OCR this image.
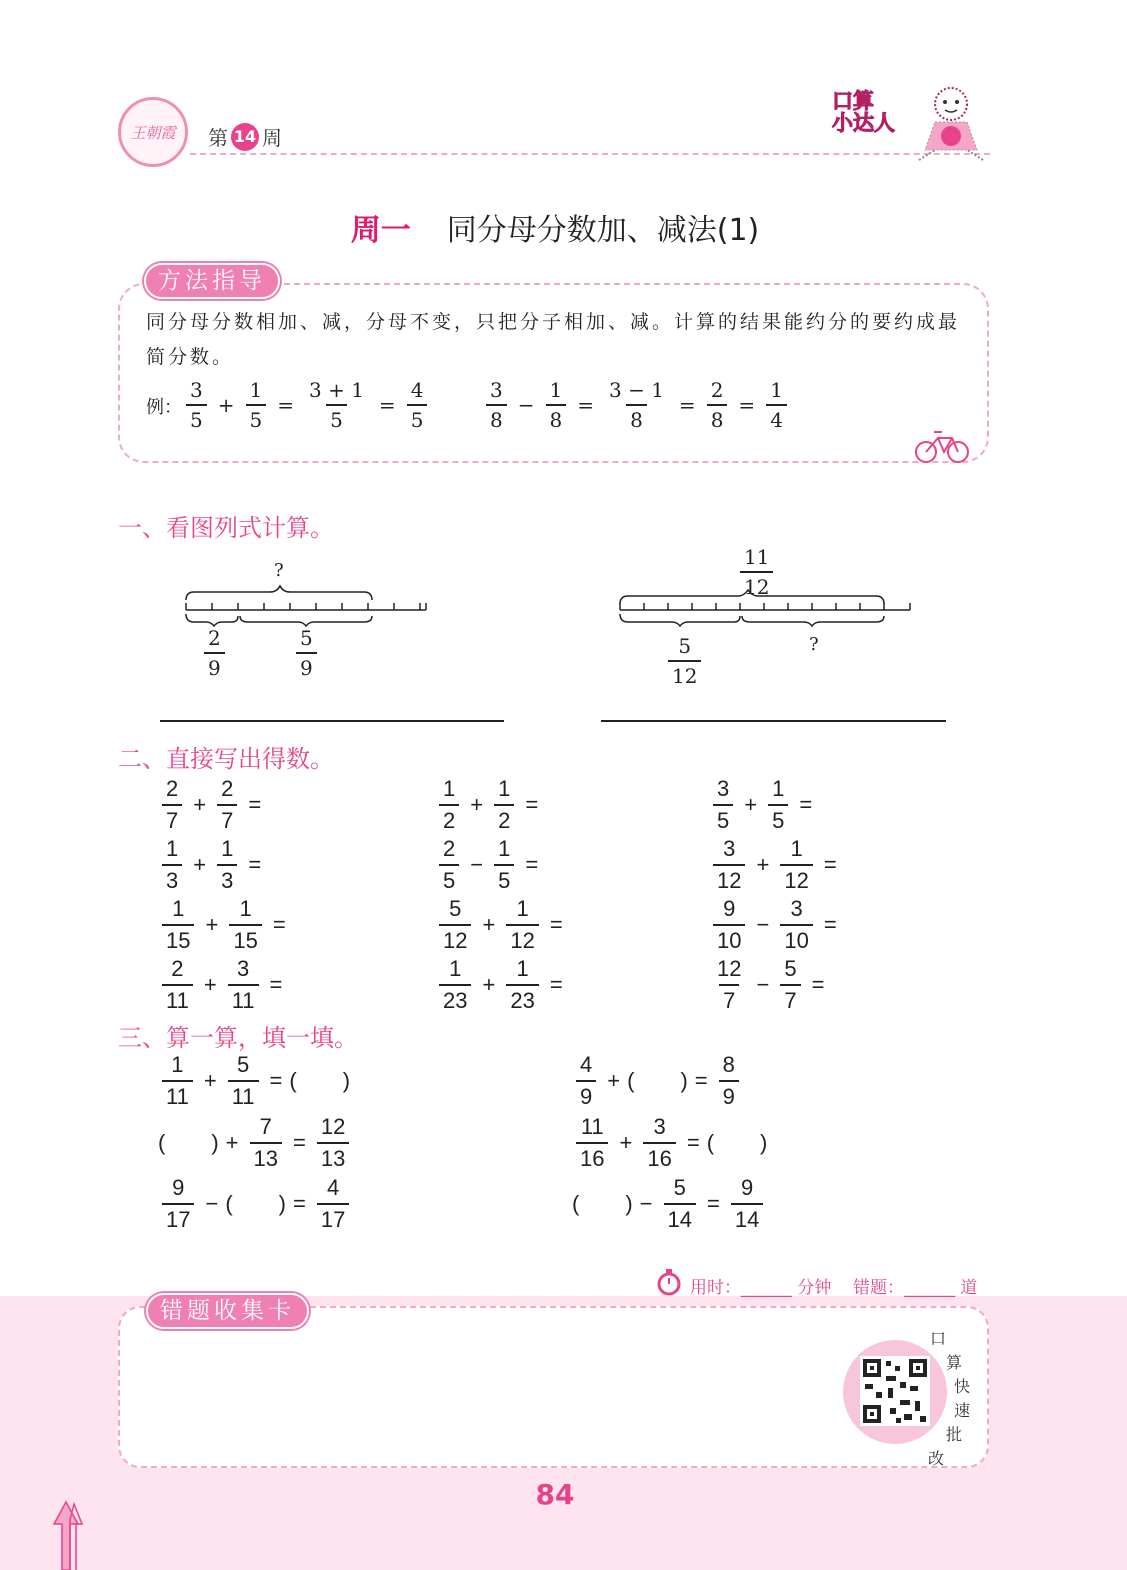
王朝霞 第 14 周
口算
小达人
周一 同分母分数加、减法(1)
方法指导
同分母分数相加、减，分母不变，只把分子相加、减。计算的结果能约分的要约成最简分数。
例：
3
5
+ $\frac{1}{5} = \frac{3 + 1}{5} = \frac{4}{5}$	3
8
− $\frac{1}{8} = \frac{3 - 1}{8} = \frac{2}{8} = \frac{1}{4}$
一、看图列式计算。
?
$\frac{2}{9}$	$\frac{5}{9}$
$\frac{11}{12}$
$\frac{5}{12}$	?
二、直接写出得数。
2
7
+ $\frac{2}{7}$ =
1
2
+ $\frac{1}{2}$ =
3
5
+ $\frac{1}{5}$ =
1
3
+ $\frac{1}{3}$ =
2
5
− $\frac{1}{5}$ =
3
12
+ $\frac{1}{12}$ =
1
15
+ $\frac{1}{15}$ =
5
12
+ $\frac{1}{12}$ =
9
10
− $\frac{3}{10}$ =
2
11
+ $\frac{3}{11}$ =
1
23
+ $\frac{1}{23}$ =
12
7
− $\frac{5}{7}$ =
三、算一算，填一填。
1
11
+ $\frac{5}{11}$ = ( )
( ) + $\frac{7}{13} = \frac{12}{13}$
9
17
− ( ) = $\frac{4}{17}$
4
9
+ ( ) = $\frac{8}{9}$
11
16
+ $\frac{3}{16}$ = ( )
( ) − $\frac{5}{14} = \frac{9}{14}$
用时：______ 分钟 错题：______ 道
错题收集卡
口
算
快
速
批
改
84
